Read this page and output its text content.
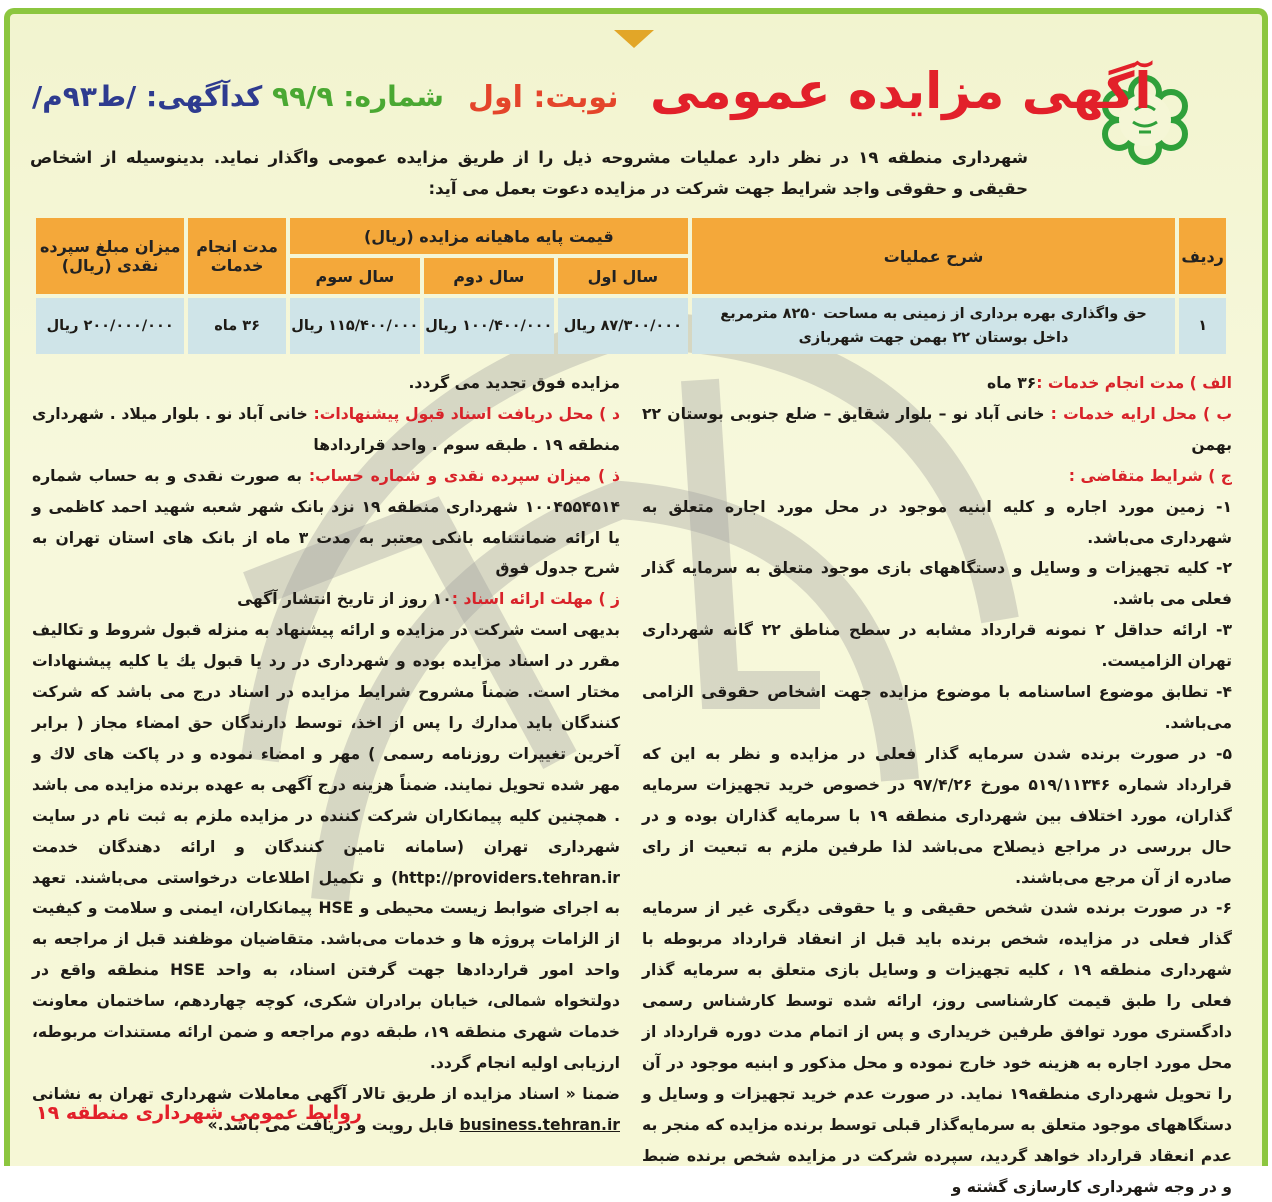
آگهی مزایده عمومی
نوبت: اول
شماره: ۹۹/۹
کدآگهی: /ط۹۳م/

شهرداری منطقه ۱۹ در نظر دارد عملیات مشروحه ذیل را از طریق مزایده عمومی واگذار نماید. بدینوسیله از اشخاص حقیقی و حقوقی واجد شرایط جهت شرکت در مزایده دعوت بعمل می آید:

ردیف	شرح عملیات	قیمت پایه ماهیانه مزایده (ریال)			مدت انجام خدمات	میزان مبلغ سپرده نقدی (ریال)
		سال اول	سال دوم	سال سوم		
۱	حق واگذاری بهره برداری از زمینی به مساحت ۸۲۵۰ مترمربع داخل بوستان ۲۲ بهمن جهت شهربازی	۸۷/۳۰۰/۰۰۰ ریال	۱۰۰/۴۰۰/۰۰۰ ریال	۱۱۵/۴۰۰/۰۰۰ ریال	۳۶ ماه	۲۰۰/۰۰۰/۰۰۰ ریال

الف ) مدت انجام خدمات :۳۶ ماه

ب ) محل ارایه خدمات : خانی آباد نو – بلوار شقایق – ضلع جنوبی بوستان ۲۲ بهمن

ج ) شرایط متقاضی :

۱- زمین مورد اجاره و کلیه ابنیه موجود در محل مورد اجاره متعلق به شهرداری می‌باشد.

۲- کلیه تجهیزات و وسایل و دستگاههای بازی موجود متعلق به سرمایه گذار فعلی می باشد.

۳- ارائه حداقل ۲ نمونه قرارداد مشابه در سطح مناطق ۲۲ گانه شهرداری تهران الزامیست.

۴- تطابق موضوع اساسنامه با موضوع مزایده جهت اشخاص حقوقی الزامی می‌باشد.

۵- در صورت برنده شدن سرمایه گذار فعلی در مزایده و نظر به این که قرارداد شماره ۵۱۹/۱۱۳۴۶ مورخ ۹۷/۴/۲۶ در خصوص خرید تجهیزات سرمایه گذاران، مورد اختلاف بین شهرداری منطقه ۱۹ با سرمایه گذاران بوده و در حال بررسی در مراجع ذیصلاح می‌باشد لذا طرفین ملزم به تبعیت از رای صادره از آن مرجع می‌باشند.

۶- در صورت برنده شدن شخص حقیقی و یا حقوقی دیگری غیر از سرمایه گذار فعلی در مزایده، شخص برنده باید قبل از انعقاد قرارداد مربوطه با شهرداری منطقه ۱۹ ، کلیه تجهیزات و وسایل بازی متعلق به سرمایه گذار فعلی را طبق قیمت کارشناسی روز، ارائه شده توسط کارشناس رسمی دادگستری مورد توافق طرفین خریداری و پس از اتمام مدت دوره قرارداد از محل مورد اجاره به هزینه خود خارج نموده و محل مذکور و ابنیه موجود در آن را تحویل شهرداری منطقه۱۹ نماید. در صورت عدم خرید تجهیزات و وسایل و دستگاههای موجود متعلق به سرمایه‌گذار قبلی توسط برنده مزایده که منجر به عدم انعقاد قرارداد خواهد گردید، سپرده شرکت در مزایده شخص برنده ضبط و در وجه شهرداری کارسازی گشته و

مزایده فوق تجدید می گردد.

د ) محل دریافت اسناد قبول پیشنهادات: خانی آباد نو . بلوار میلاد . شهرداری منطقه ۱۹ . طبقه سوم . واحد قراردادها

ذ ) میزان سپرده نقدی و شماره حساب: به صورت نقدی و به حساب شماره ۱۰۰۴۵۵۴۵۱۴ شهرداری منطقه ۱۹ نزد بانک شهر شعبه شهید احمد کاظمی و یا ارائه ضمانتنامه بانکی معتبر به مدت ۳ ماه از بانک های استان تهران به شرح جدول فوق

ز ) مهلت ارائه اسناد :۱۰ روز از تاریخ انتشار آگهی

بدیهی است شرکت در مزایده و ارائه پیشنهاد به منزله قبول شروط و تکالیف مقرر در اسناد مزایده بوده و شهرداری در رد یا قبول یك یا کلیه پیشنهادات مختار است. ضمناً مشروح شرایط مزایده در اسناد درج می باشد که شرکت کنندگان باید مدارك را پس از اخذ، توسط دارندگان حق امضاء مجاز ( برابر آخرین تغییرات روزنامه رسمی ) مهر و امضاء نموده و در پاکت های لاك و مهر شده تحویل نمایند. ضمناً هزینه درج آگهی به عهده برنده مزایده می باشد . همچنین کلیه پیمانکاران شرکت کننده در مزایده ملزم به ثبت نام در سایت شهرداری تهران (سامانه تامین کنندگان و ارائه دهندگان خدمت http://providers.tehran.ir) و تکمیل اطلاعات درخواستی می‌باشند. تعهد به اجرای ضوابط زیست محیطی و HSE پیمانکاران، ایمنی و سلامت و کیفیت از الزامات پروژه ها و خدمات می‌باشد. متقاضیان موظفند قبل از مراجعه به واحد امور قراردادها جهت گرفتن اسناد، به واحد HSE منطقه واقع در دولتخواه شمالی، خیابان برادران شکری، کوچه چهاردهم، ساختمان معاونت خدمات شهری منطقه ۱۹، طبقه دوم مراجعه و ضمن ارائه مستندات مربوطه، ارزیابی اولیه انجام گردد.

ضمنا « اسناد مزایده از طریق تالار آگهی معاملات شهرداری تهران به نشانی business.tehran.ir قابل رویت و دریافت می باشد.»

روابط عمومی شهرداری منطقه ۱۹
